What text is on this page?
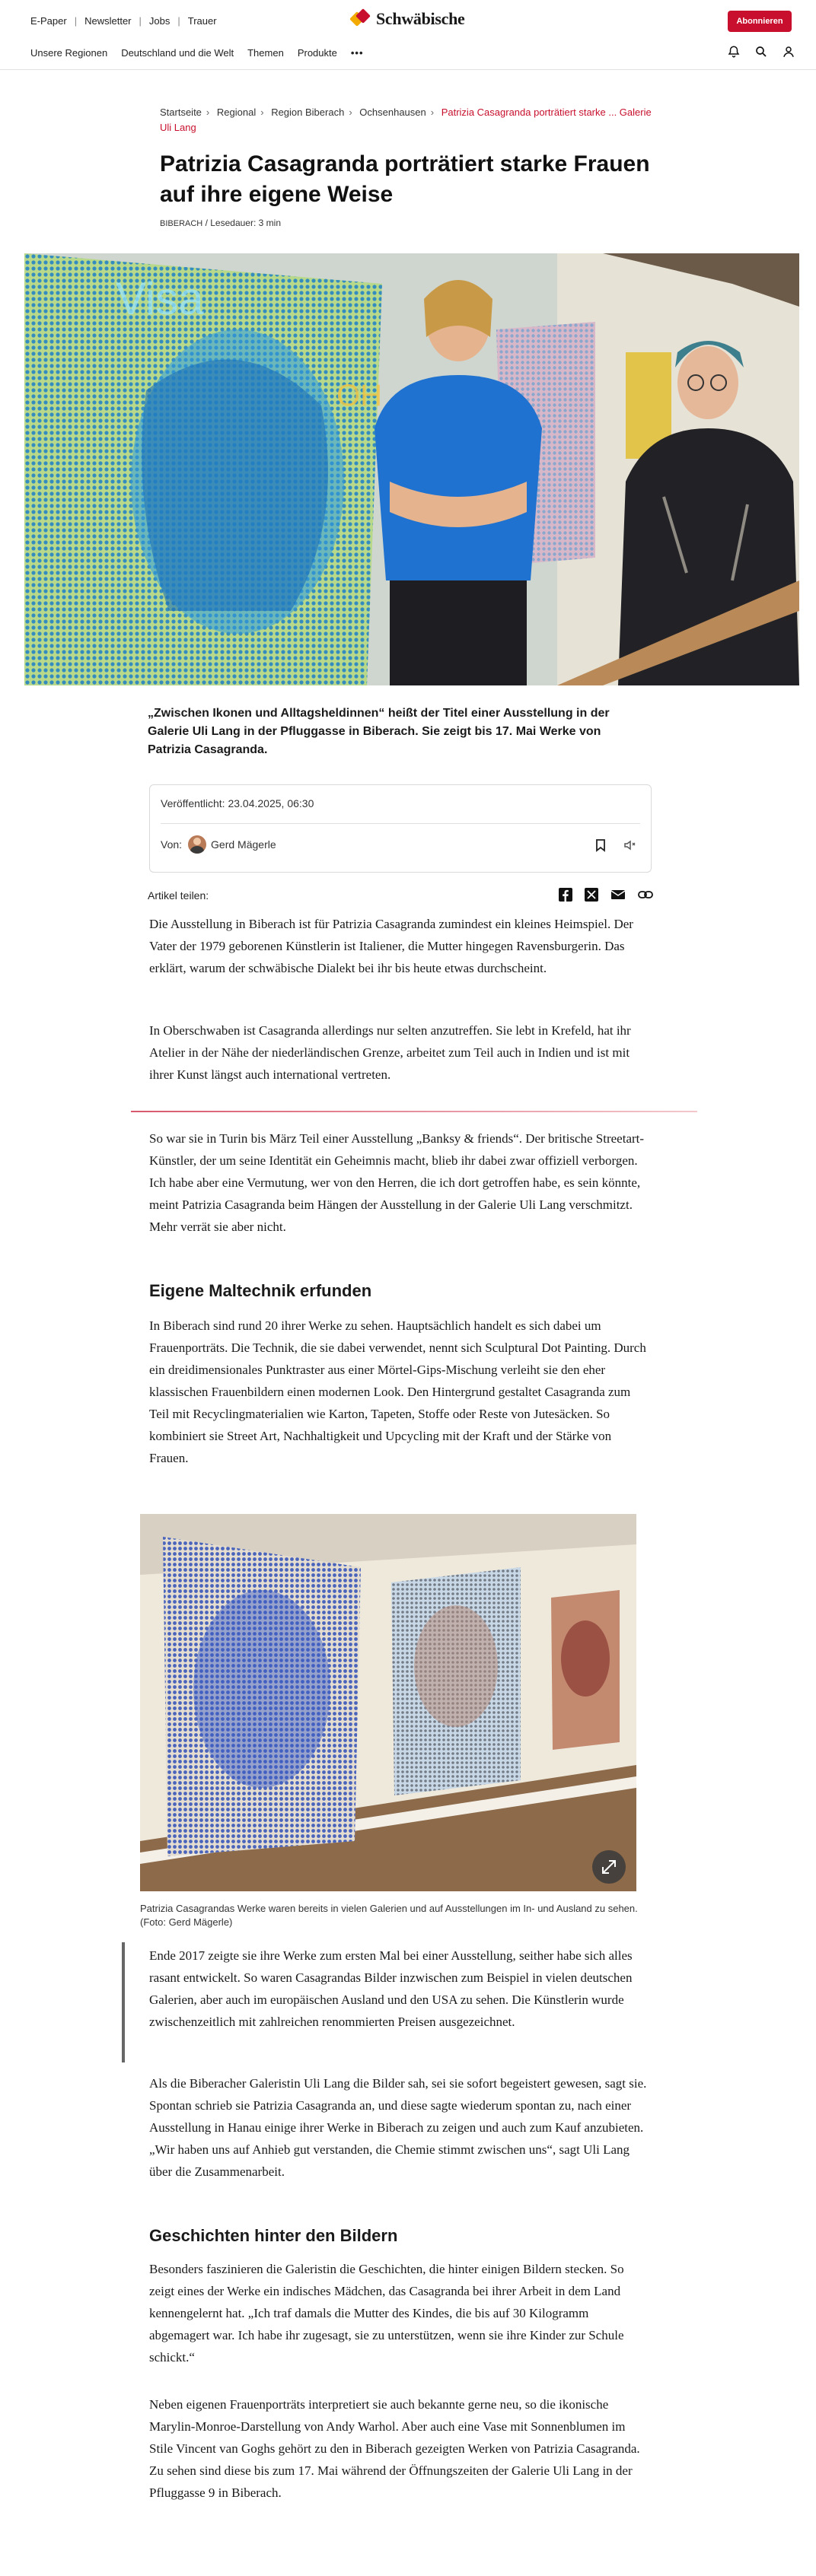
E-Paper | Newsletter | Jobs | Trauer	Schwäbische	Abonnieren
Unsere Regionen Deutschland und die Welt Themen Produkte •••
Startseite › Regional › Region Biberach › Ochsenhausen › Patrizia Casagranda porträtiert starke ... Galerie Uli Lang
Patrizia Casagranda porträtiert starke Frauen auf ihre eigene Weise
BIBERACH / Lesedauer: 3 min
Visa
OH

„Zwischen Ikonen und Alltagsheldinnen“ heißt der Titel einer Ausstellung in der Galerie Uli Lang in der Pfluggasse in Biberach. Sie zeigt bis 17. Mai Werke von Patrizia Casagranda.

Veröffentlicht: 23.04.2025, 06:30
Von:	Gerd Mägerle
Artikel teilen:

Die Ausstellung in Biberach ist für Patrizia Casagranda zumindest ein kleines Heimspiel. Der Vater der 1979 geborenen Künstlerin ist Italiener, die Mutter hingegen Ravensburgerin. Das erklärt, warum der schwäbische Dialekt bei ihr bis heute etwas durchscheint.

In Oberschwaben ist Casagranda allerdings nur selten anzutreffen. Sie lebt in Krefeld, hat ihr Atelier in der Nähe der niederländischen Grenze, arbeitet zum Teil auch in Indien und ist mit ihrer Kunst längst auch international vertreten.

So war sie in Turin bis März Teil einer Ausstellung „Banksy & friends“. Der britische Streetart-Künstler, der um seine Identität ein Geheimnis macht, blieb ihr dabei zwar offiziell verborgen. Ich habe aber eine Vermutung, wer von den Herren, die ich dort getroffen habe, es sein könnte, meint Patrizia Casagranda beim Hängen der Ausstellung in der Galerie Uli Lang verschmitzt. Mehr verrät sie aber nicht.

Eigene Maltechnik erfunden

In Biberach sind rund 20 ihrer Werke zu sehen. Hauptsächlich handelt es sich dabei um Frauenporträts. Die Technik, die sie dabei verwendet, nennt sich Sculptural Dot Painting. Durch ein dreidimensionales Punktraster aus einer Mörtel-Gips-Mischung verleiht sie den eher klassischen Frauenbildern einen modernen Look. Den Hintergrund gestaltet Casagranda zum Teil mit Recyclingmaterialien wie Karton, Tapeten, Stoffe oder Reste von Jutesäcken. So kombiniert sie Street Art, Nachhaltigkeit und Upcycling mit der Kraft und der Stärke von Frauen.

Patrizia Casagrandas Werke waren bereits in vielen Galerien und auf Ausstellungen im In- und Ausland zu sehen. (Foto: Gerd Mägerle)

Ende 2017 zeigte sie ihre Werke zum ersten Mal bei einer Ausstellung, seither habe sich alles rasant entwickelt. So waren Casagrandas Bilder inzwischen zum Beispiel in vielen deutschen Galerien, aber auch im europäischen Ausland und den USA zu sehen. Die Künstlerin wurde zwischenzeitlich mit zahlreichen renommierten Preisen ausgezeichnet.

Als die Biberacher Galeristin Uli Lang die Bilder sah, sei sie sofort begeistert gewesen, sagt sie. Spontan schrieb sie Patrizia Casagranda an, und diese sagte wiederum spontan zu, nach einer Ausstellung in Hanau einige ihrer Werke in Biberach zu zeigen und auch zum Kauf anzubieten. „Wir haben uns auf Anhieb gut verstanden, die Chemie stimmt zwischen uns“, sagt Uli Lang über die Zusammenarbeit.

Geschichten hinter den Bildern

Besonders faszinieren die Galeristin die Geschichten, die hinter einigen Bildern stecken. So zeigt eines der Werke ein indisches Mädchen, das Casagranda bei ihrer Arbeit in dem Land kennengelernt hat. „Ich traf damals die Mutter des Kindes, die bis auf 30 Kilogramm abgemagert war. Ich habe ihr zugesagt, sie zu unterstützen, wenn sie ihre Kinder zur Schule schickt.“

Neben eigenen Frauenporträts interpretiert sie auch bekannte gerne neu, so die ikonische Marylin-Monroe-Darstellung von Andy Warhol. Aber auch eine Vase mit Sonnenblumen im Stile Vincent van Goghs gehört zu den in Biberach gezeigten Werken von Patrizia Casagranda. Zu sehen sind diese bis zum 17. Mai während der Öffnungszeiten der Galerie Uli Lang in der Pfluggasse 9 in Biberach.
